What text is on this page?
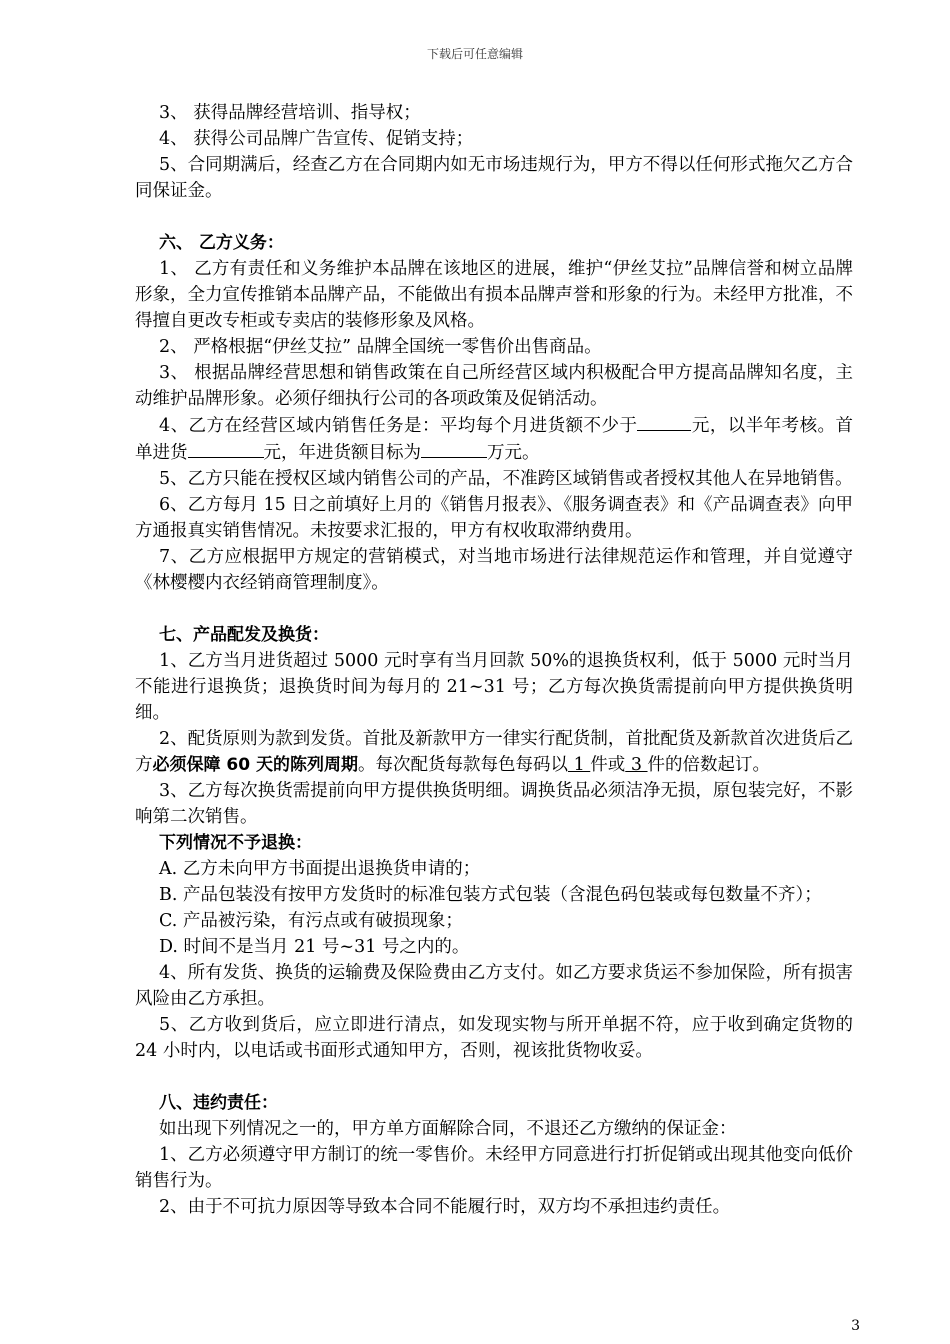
下载后可任意编辑

3、 获得品牌经营培训、指导权；

4、 获得公司品牌广告宣传、促销支持；

5、合同期满后，经查乙方在合同期内如无市场违规行为，甲方不得以任何形式拖欠乙方合同保证金。

六、 乙方义务：

1、 乙方有责任和义务维护本品牌在该地区的进展，维护“伊丝艾拉”品牌信誉和树立品牌形象，全力宣传推销本品牌产品，不能做出有损本品牌声誉和形象的行为。未经甲方批准，不得擅自更改专柜或专卖店的装修形象及风格。

2、 严格根据“伊丝艾拉” 品牌全国统一零售价出售商品。

3、 根据品牌经营思想和销售政策在自己所经营区域内积极配合甲方提高品牌知名度，主动维护品牌形象。必须仔细执行公司的各项政策及促销活动。

4、乙方在经营区域内销售任务是：平均每个月进货额不少于	元，以半年考核。首单进货	元，年进货额目标为	万元。

5、乙方只能在授权区域内销售公司的产品，不准跨区域销售或者授权其他人在异地销售。

6、乙方每月 15 日之前填好上月的《销售月报表》、《服务调查表》和《产品调查表》向甲方通报真实销售情况。未按要求汇报的，甲方有权收取滞纳费用。

7、乙方应根据甲方规定的营销模式，对当地市场进行法律规范运作和管理，并自觉遵守《林樱樱内衣经销商管理制度》。

七、产品配发及换货：

1、乙方当月进货超过 5000 元时享有当月回款 50%的退换货权利，低于 5000 元时当月不能进行退换货；退换货时间为每月的 21~31 号；乙方每次换货需提前向甲方提供换货明细。

2、配货原则为款到发货。首批及新款甲方一律实行配货制，首批配货及新款首次进货后乙方必须保障 60 天的陈列周期。每次配货每款每色每码以 1 件或 3 件的倍数起订。

3、乙方每次换货需提前向甲方提供换货明细。调换货品必须洁净无损，原包装完好，不影响第二次销售。

下列情况不予退换：

A. 乙方未向甲方书面提出退换货申请的；

B. 产品包装没有按甲方发货时的标准包装方式包装（含混色码包装或每包数量不齐）；

C. 产品被污染，有污点或有破损现象；

D. 时间不是当月 21 号~31 号之内的。

4、所有发货、换货的运输费及保险费由乙方支付。如乙方要求货运不参加保险，所有损害风险由乙方承担。

5、乙方收到货后，应立即进行清点，如发现实物与所开单据不符，应于收到确定货物的 24 小时内，以电话或书面形式通知甲方，否则，视该批货物收妥。

八、违约责任：

如出现下列情况之一的，甲方单方面解除合同，不退还乙方缴纳的保证金：

1、乙方必须遵守甲方制订的统一零售价。未经甲方同意进行打折促销或出现其他变向低价销售行为。

2、由于不可抗力原因等导致本合同不能履行时，双方均不承担违约责任。

3
